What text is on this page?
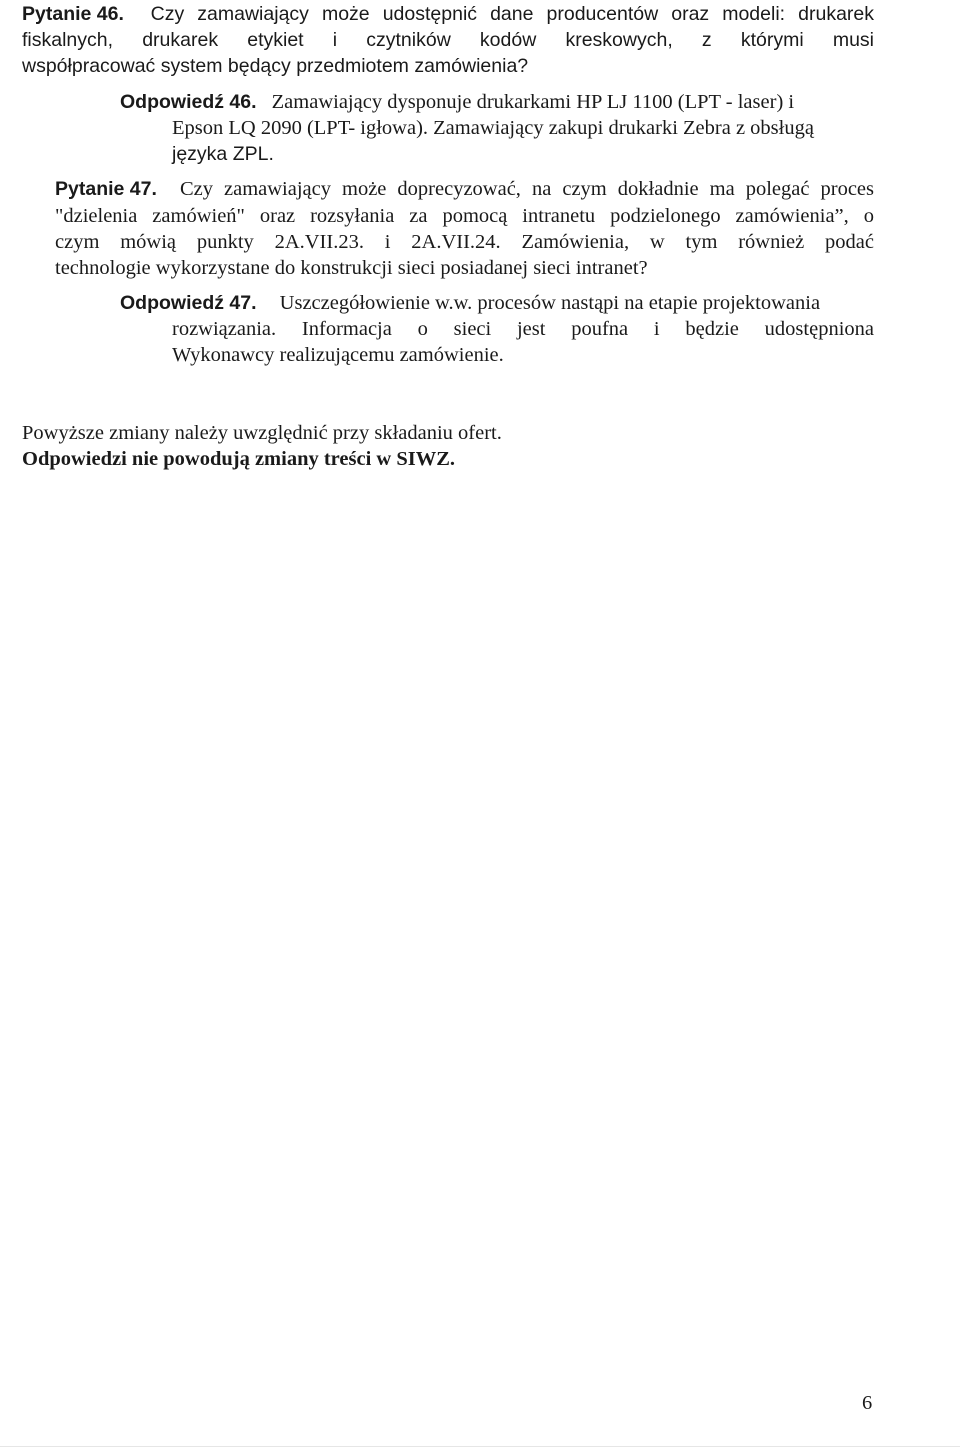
Pytanie 46. Czy zamawiający może udostępnić dane producentów oraz modeli: drukarek
fiskalnych, drukarek etykiet i czytników kodów kreskowych, z którymi musi
współpracować system będący przedmiotem zamówienia?
Odpowiedź 46. Zamawiający dysponuje drukarkami HP LJ 1100 (LPT - laser) i
Epson LQ 2090 (LPT- igłowa). Zamawiający zakupi drukarki Zebra z obsługą
języka ZPL.
Pytanie 47. Czy zamawiający może doprecyzować, na czym dokładnie ma polegać proces
"dzielenia zamówień" oraz rozsyłania za pomocą intranetu podzielonego zamówienia”, o
czym mówią punkty 2A.VII.23. i 2A.VII.24. Zamówienia, w tym również podać
technologie wykorzystane do konstrukcji sieci posiadanej sieci intranet?
Odpowiedź 47. Uszczegółowienie w.w. procesów nastąpi na etapie projektowania
rozwiązania. Informacja o sieci jest poufna i będzie udostępniona
Wykonawcy realizującemu zamówienie.
Powyższe zmiany należy uwzględnić przy składaniu ofert.
Odpowiedzi nie powodują zmiany treści w SIWZ.
6
